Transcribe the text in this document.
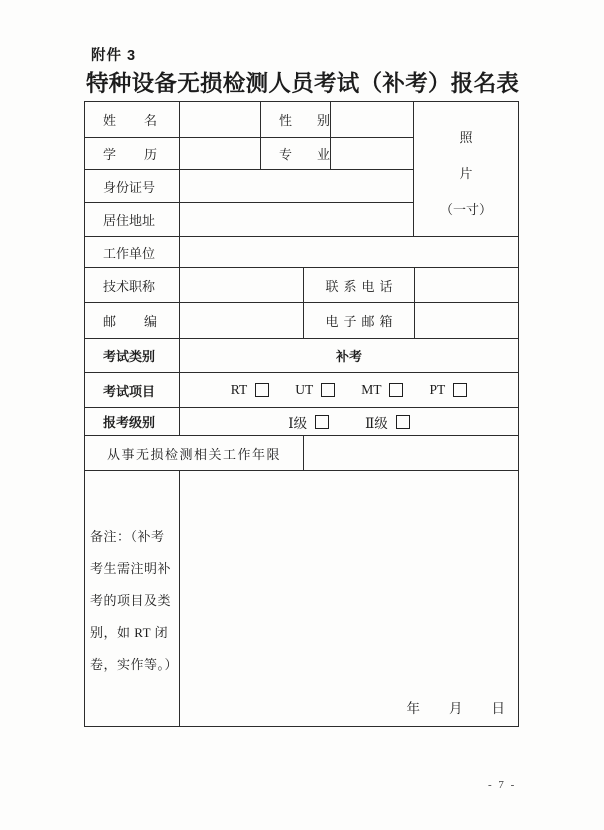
附件 3
特种设备无损检测人员考试（补考）报名表
姓名	性别
学历	专业
身份证号
居住地址
照
片
（一寸）
工作单位
技术职称	联系电话
邮编	电子邮箱
考试类别	补考
考试项目	RT	UT	MT	PT
报考级别	Ⅰ级	Ⅱ级
从事无损检测相关工作年限
备注：（补考
考生需注明补
考的项目及类
别，如 RT 闭
卷，实作等。）
年 月 日
- 7 -
